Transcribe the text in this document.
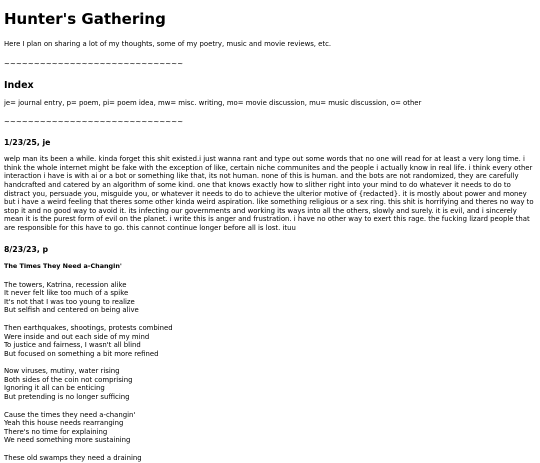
Hunter's Gathering

Here I plan on sharing a lot of my thoughts, some of my poetry, music and movie reviews, etc.

~~~~~~~~~~~~~~~~~~~~~~~~~~~~~~
Index

je= journal entry, p= poem, pi= poem idea, mw= misc. writing, mo= movie discussion, mu= music discussion, o= other

~~~~~~~~~~~~~~~~~~~~~~~~~~~~~~
1/23/25, je

welp man its been a while. kinda forget this shit existed.i just wanna rant and type out some words that no one will read for at least a very long time. i think the whole internet might be fake with the exception of like, certain niche communites and the people i actually know in real life. i think every other interaction i have is with ai or a bot or something like that, its not human. none of this is human. and the bots are not randomized, they are carefully handcrafted and catered by an algorithm of some kind. one that knows exactly how to slither right into your mind to do whatever it needs to do to distract you, persuade you, misguide you, or whatever it needs to do to achieve the ulterior motive of {redacted}. it is mostly about power and money but i have a weird feeling that theres some other kinda weird aspiration. like something religious or a sex ring. this shit is horrifying and theres no way to stop it and no good way to avoid it. its infecting our governments and working its ways into all the others, slowly and surely. it is evil, and i sincerely mean it is the purest form of evil on the planet. i write this is anger and frustration. i have no other way to exert this rage. the fucking lizard people that are responsible for this have to go. this cannot continue longer before all is lost. ituu

8/23/23, p
The Times They Need a-Changin'
The towers, Katrina, recession alike
It never felt like too much of a spike
It's not that I was too young to realize
But selfish and centered on being alive
Then earthquakes, shootings, protests combined
Were inside and out each side of my mind
To justice and fairness, I wasn't all blind
But focused on something a bit more refined
Now viruses, mutiny, water rising
Both sides of the coin not comprising
Ignoring it all can be enticing
But pretending is no longer sufficing
Cause the times they need a-changin'
Yeah this house needs rearranging
There's no time for explaining
We need something more sustaining
These old swamps they need a draining
